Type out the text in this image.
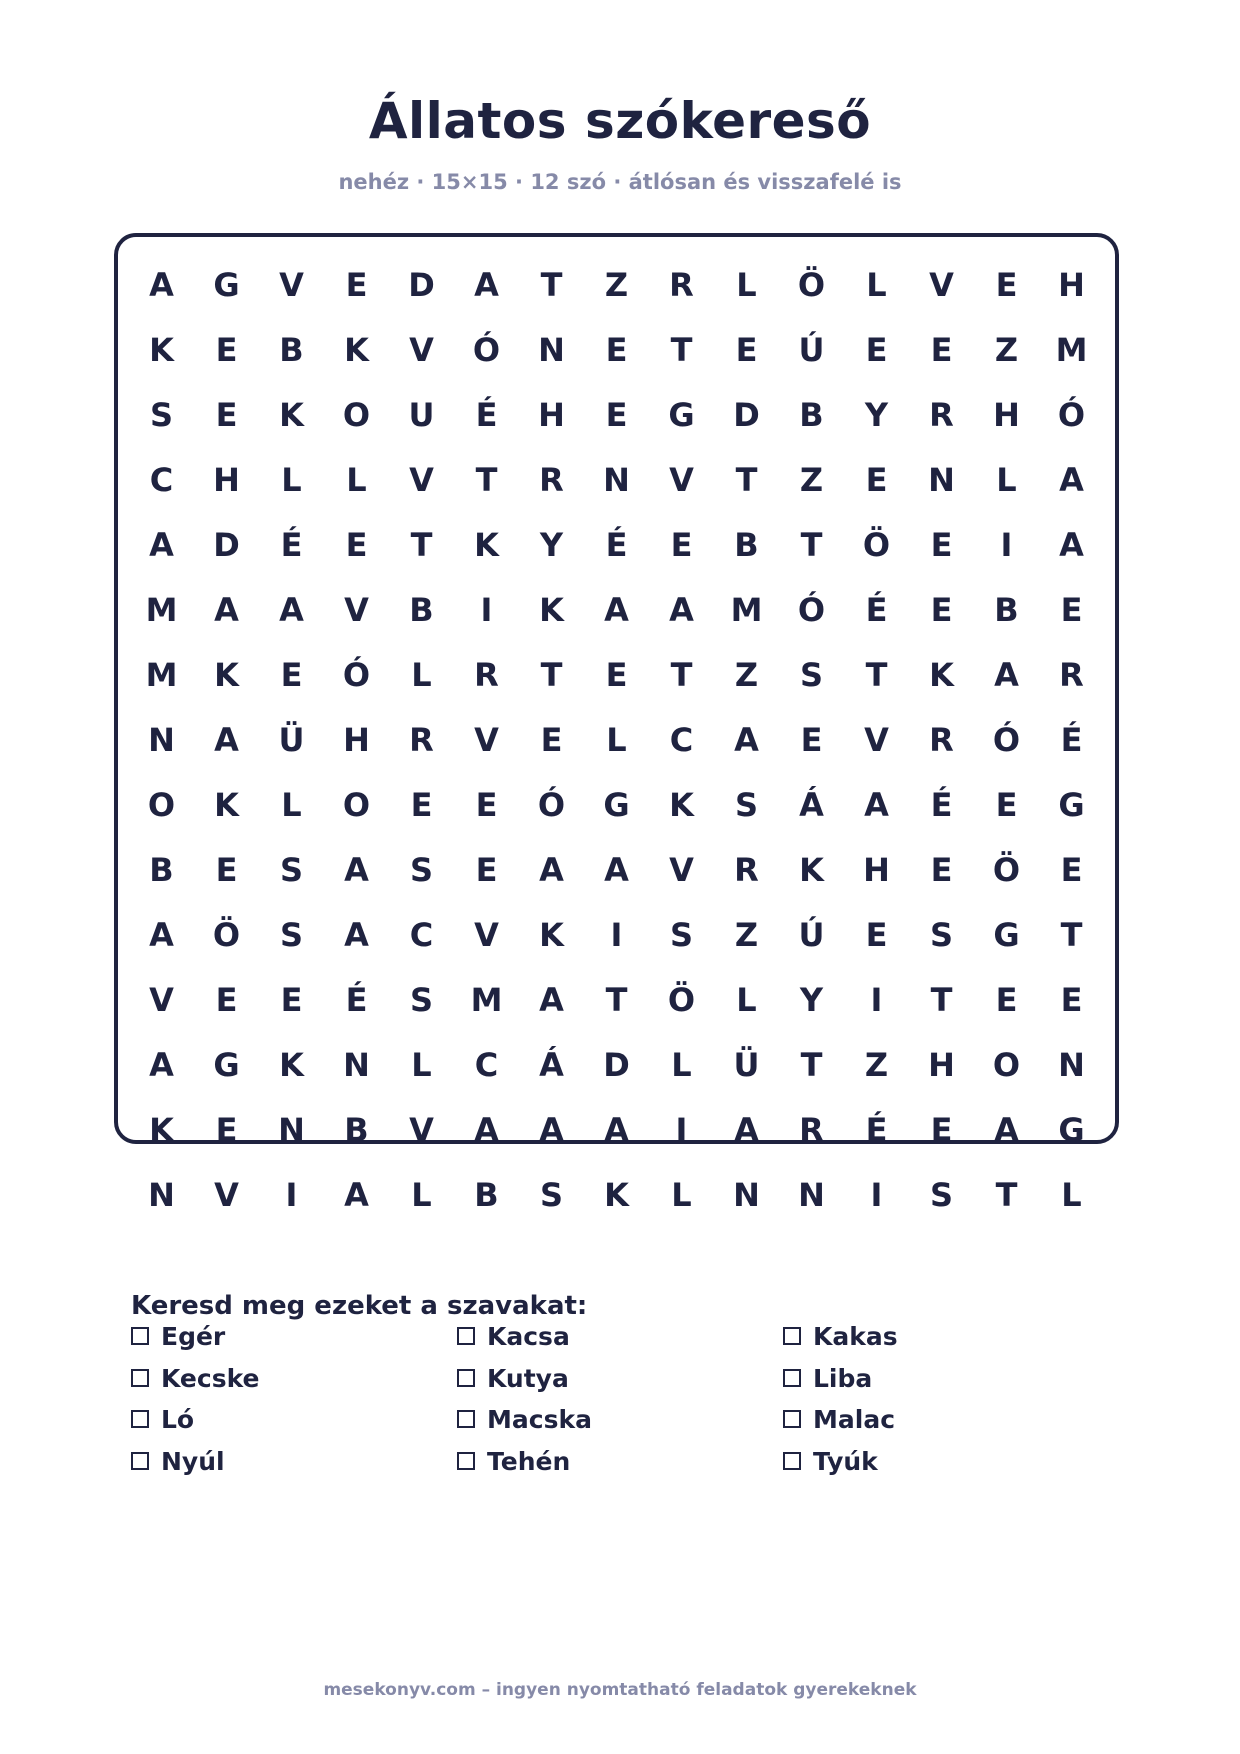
Állatos szókereső
nehéz · 15×15 · 12 szó · átlósan és visszafelé is
A	G	V	E	D	A	T	Z	R	L	Ö	L	V	E	H
K	E	B	K	V	Ó	N	E	T	E	Ú	E	E	Z	M
S	E	K	O	U	É	H	E	G	D	B	Y	R	H	Ó
C	H	L	L	V	T	R	N	V	T	Z	E	N	L	A
A	D	É	E	T	K	Y	É	E	B	T	Ö	E	I	A
M	A	A	V	B	I	K	A	A	M	Ó	É	E	B	E
M	K	E	Ó	L	R	T	E	T	Z	S	T	K	A	R
N	A	Ü	H	R	V	E	L	C	A	E	V	R	Ó	É
O	K	L	O	E	E	Ó	G	K	S	Á	A	É	E	G
B	E	S	A	S	E	A	A	V	R	K	H	E	Ö	E
A	Ö	S	A	C	V	K	I	S	Z	Ú	E	S	G	T
V	E	E	É	S	M	A	T	Ö	L	Y	I	T	E	E
A	G	K	N	L	C	Á	D	L	Ü	T	Z	H	O	N
K	E	N	B	V	A	A	A	I	A	R	É	E	A	G
N	V	I	A	L	B	S	K	L	N	N	I	S	T	L
Keresd meg ezeket a szavakat:
Egér	Kacsa	Kakas
Kecske	Kutya	Liba
Ló	Macska	Malac
Nyúl	Tehén	Tyúk
mesekonyv.com – ingyen nyomtatható feladatok gyerekeknek
